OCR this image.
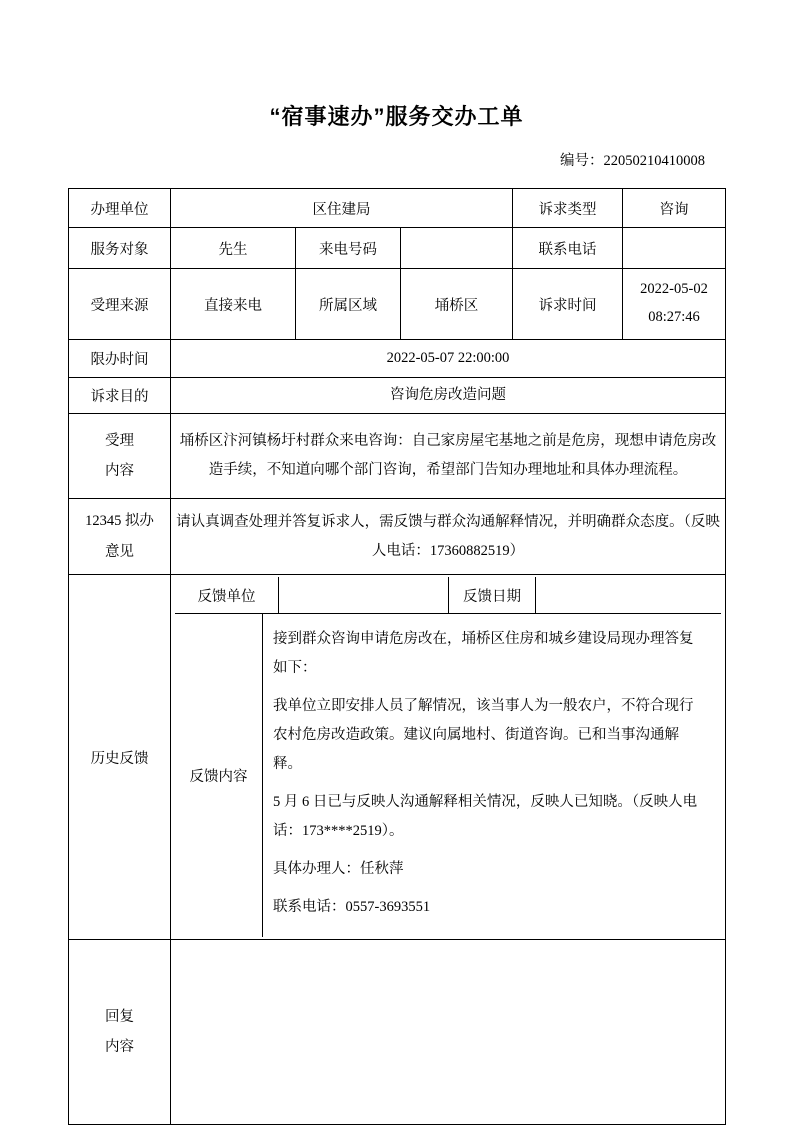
“宿事速办”服务交办工单
编号：22050210410008
办理单位	区住建局			诉求类型	咨询
服务对象	先生	来电号码		联系电话	
受理来源	直接来电	所属区域	埇桥区	诉求时间	2022-05-02
08:27:46

限办时间	2022-05-07 22:00:00				
诉求目的	咨询危房改造问题				

受理
内容	埇桥区汴河镇杨圩村群众来电咨询：自己家房屋宅基地之前是危房，现想申请危房改造手续，不知道向哪个部门咨询，希望部门告知办理地址和具体办理流程。				

12345 拟办
意见	请认真调查处理并答复诉求人，需反馈与群众沟通解释情况，并明确群众态度。（反映人电话：17360882519）				
历史反馈	
反馈单位	反馈日期
反馈内容

接到群众咨询申请危房改在，埇桥区住房和城乡建设局现办理答复如下：

我单位立即安排人员了解情况，该当事人为一般农户，不符合现行农村危房改造政策。建议向属地村、街道咨询。已和当事沟通解释。

5 月 6 日已与反映人沟通解释相关情况，反映人已知晓。（反映人电话：173****2519）。

具体办理人：任秋萍

联系电话：0557-3693551

回复
内容					
